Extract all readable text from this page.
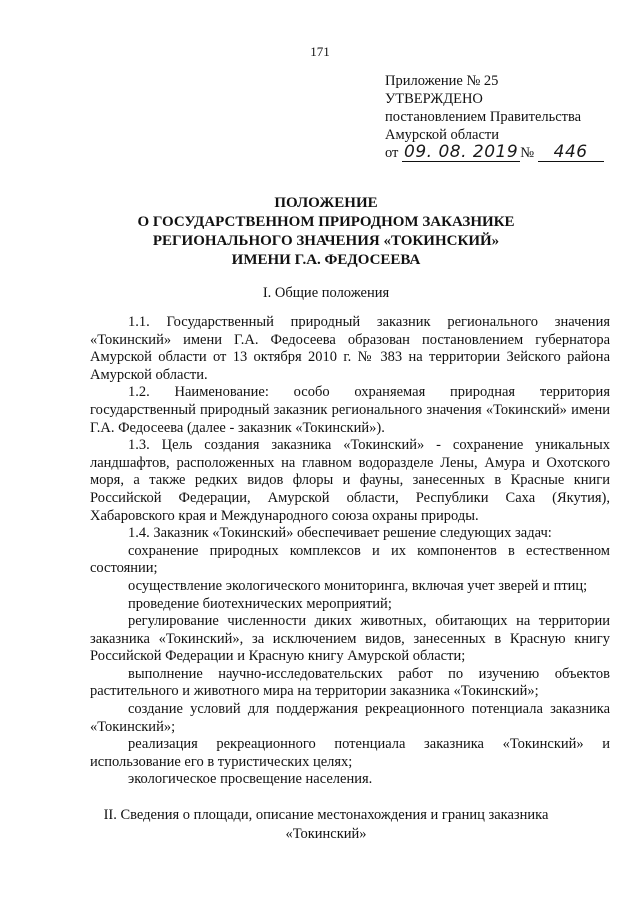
171
Приложение № 25
УТВЕРЖДЕНО
постановлением Правительства
Амурской области
от 09. 08. 2019 № 446
ПОЛОЖЕНИЕ
О ГОСУДАРСТВЕННОМ ПРИРОДНОМ ЗАКАЗНИКЕ
РЕГИОНАЛЬНОГО ЗНАЧЕНИЯ «ТОКИНСКИЙ»
ИМЕНИ Г.А. ФЕДОСЕЕВА
I. Общие положения

1.1. Государственный природный заказник регионального значения «Токинский» имени Г.А. Федосеева образован постановлением губернатора Амурской области от 13 октября 2010 г. № 383 на территории Зейского района Амурской области.

1.2. Наименование: особо охраняемая природная территория государственный природный заказник регионального значения «Токинский» имени Г.А. Федосеева (далее - заказник «Токинский»).

1.3. Цель создания заказника «Токинский» - сохранение уникальных ландшафтов, расположенных на главном водоразделе Лены, Амура и Охотского моря, а также редких видов флоры и фауны, занесенных в Красные книги Российской Федерации, Амурской области, Республики Саха (Якутия), Хабаровского края и Международного союза охраны природы.

1.4. Заказник «Токинский» обеспечивает решение следующих задач:

сохранение природных комплексов и их компонентов в естественном состоянии;

осуществление экологического мониторинга, включая учет зверей и птиц;

проведение биотехнических мероприятий;

регулирование численности диких животных, обитающих на территории заказника «Токинский», за исключением видов, занесенных в Красную книгу Российской Федерации и Красную книгу Амурской области;

выполнение научно-исследовательских работ по изучению объектов растительного и животного мира на территории заказника «Токинский»;

создание условий для поддержания рекреационного потенциала заказника «Токинский»;

реализация рекреационного потенциала заказника «Токинский» и использование его в туристических целях;

экологическое просвещение населения.

II. Сведения о площади, описание местонахождения и границ заказника
«Токинский»
